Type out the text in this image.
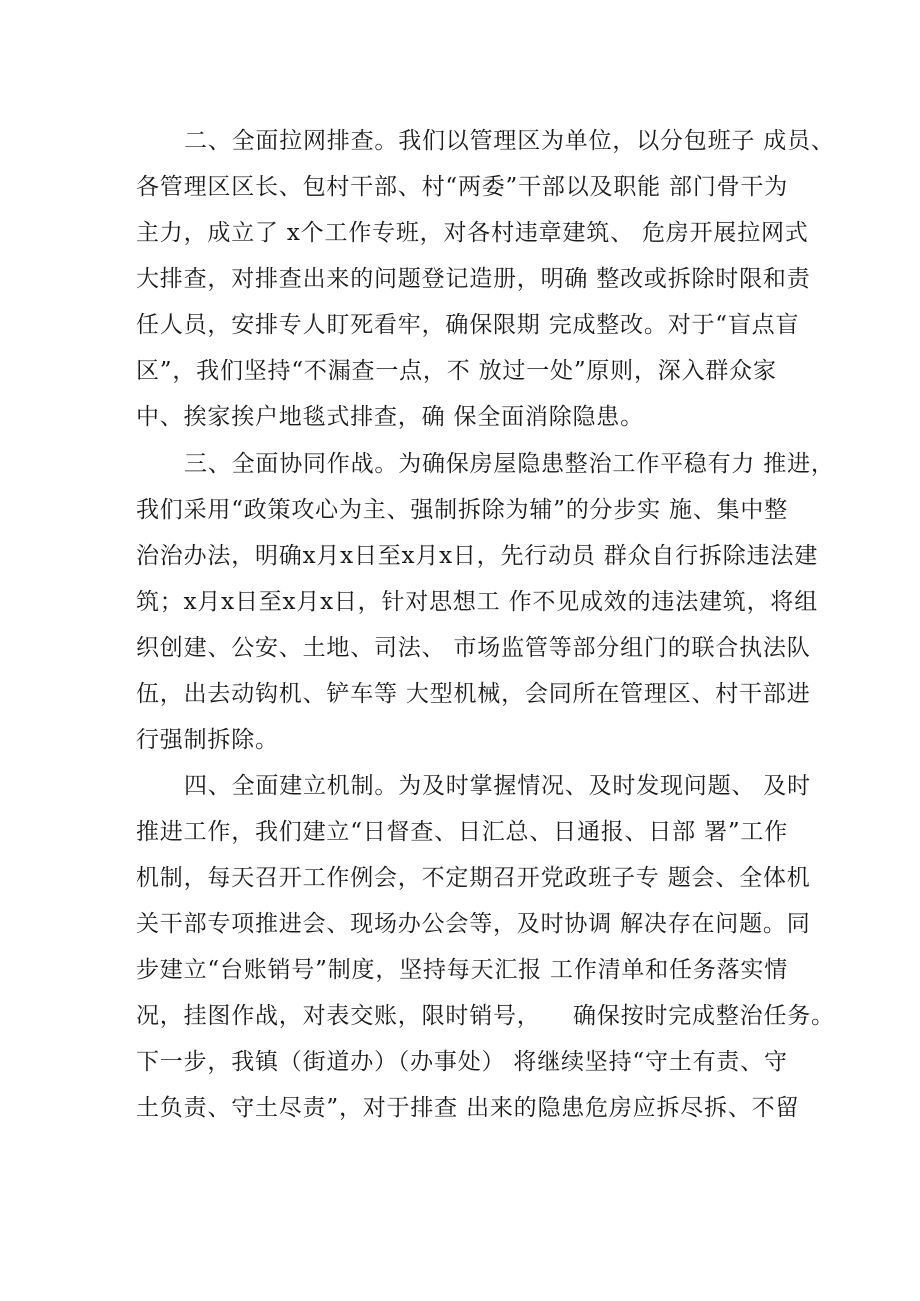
二、全面拉网排查。我们以管理区为单位，以分包班子 成员、
各管理区区长、包村干部、村“两委”干部以及职能 部门骨干为
主力，成立了 x个工作专班，对各村违章建筑、 危房开展拉网式
大排查，对排查出来的问题登记造册，明确 整改或拆除时限和责
任人员，安排专人盯死看牢，确保限期 完成整改。对于“盲点盲
区”，我们坚持“不漏查一点，不 放过一处”原则，深入群众家
中、挨家挨户地毯式排查，确 保全面消除隐患。
三、全面协同作战。为确保房屋隐患整治工作平稳有力 推进，
我们采用“政策攻心为主、强制拆除为辅”的分步实 施、集中整
治治办法，明确x月x日至x月x日，先行动员 群众自行拆除违法建
筑；x月x日至x月x日，针对思想工 作不见成效的违法建筑，将组
织创建、公安、土地、司法、 市场监管等部分组门的联合执法队
伍，出去动钩机、铲车等 大型机械，会同所在管理区、村干部进
行强制拆除。
四、全面建立机制。为及时掌握情况、及时发现问题、 及时
推进工作，我们建立“日督查、日汇总、日通报、日部 署”工作
机制，每天召开工作例会，不定期召开党政班子专 题会、全体机
关干部专项推进会、现场办公会等，及时协调 解决存在问题。同
步建立“台账销号”制度，坚持每天汇报 工作清单和任务落实情
况，挂图作战，对表交账，限时销号，    确保按时完成整治任务。
下一步，我镇（街道办）（办事处） 将继续坚持“守土有责、守
土负责、守土尽责”，对于排查 出来的隐患危房应拆尽拆、不留
